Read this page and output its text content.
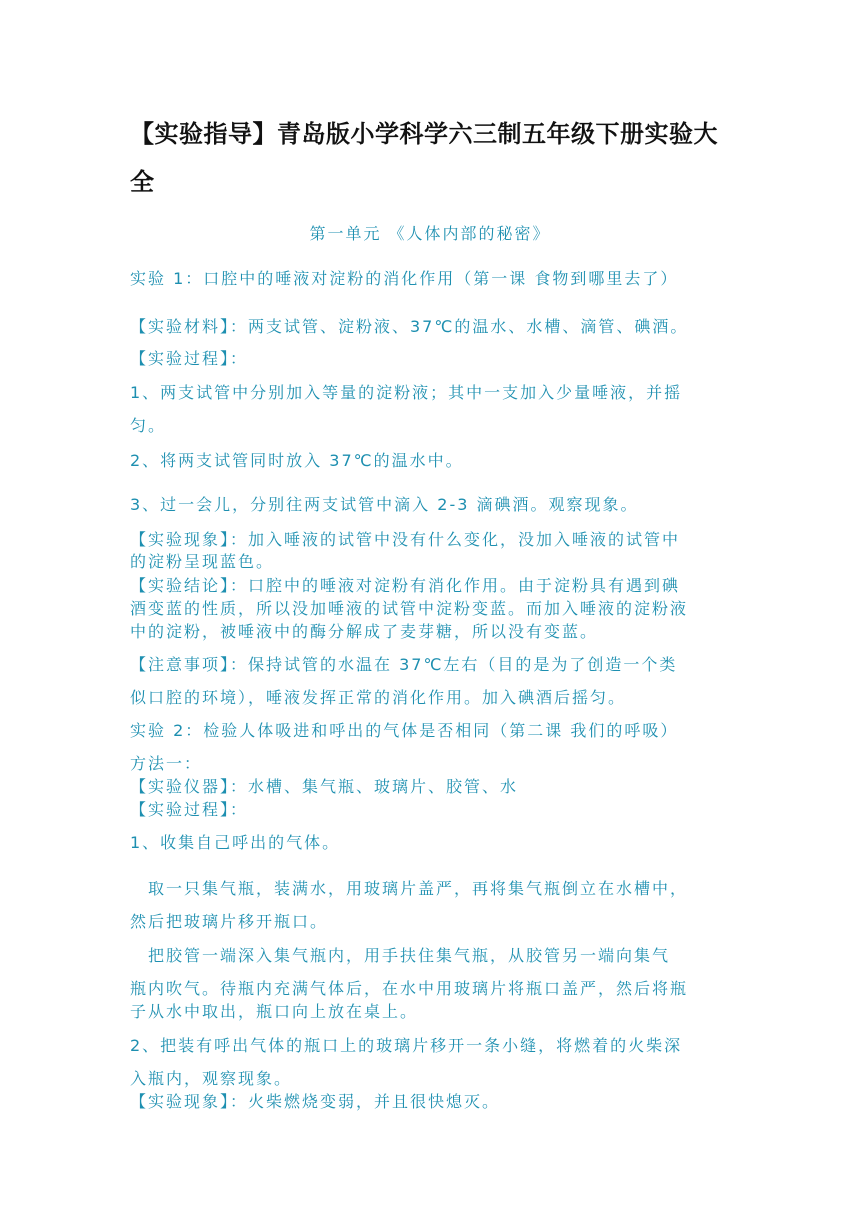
【实验指导】青岛版小学科学六三制五年级下册实验大全
第一单元 《人体内部的秘密》
实验 1：口腔中的唾液对淀粉的消化作用（第一课 食物到哪里去了）
【实验材料】：两支试管、淀粉液、37℃的温水、水槽、滴管、碘酒。
【实验过程】：
1、两支试管中分别加入等量的淀粉液；其中一支加入少量唾液，并摇
匀。
2、将两支试管同时放入 37℃的温水中。
3、过一会儿，分别往两支试管中滴入 2-3 滴碘酒。观察现象。
【实验现象】：加入唾液的试管中没有什么变化，没加入唾液的试管中
的淀粉呈现蓝色。
【实验结论】：口腔中的唾液对淀粉有消化作用。由于淀粉具有遇到碘
酒变蓝的性质，所以没加唾液的试管中淀粉变蓝。而加入唾液的淀粉液
中的淀粉，被唾液中的酶分解成了麦芽糖，所以没有变蓝。
【注意事项】：保持试管的水温在 37℃左右（目的是为了创造一个类
似口腔的环境），唾液发挥正常的消化作用。加入碘酒后摇匀。
实验 2：检验人体吸进和呼出的气体是否相同（第二课 我们的呼吸）
方法一：
【实验仪器】：水槽、集气瓶、玻璃片、胶管、水
【实验过程】：
1、收集自己呼出的气体。
　取一只集气瓶，装满水，用玻璃片盖严，再将集气瓶倒立在水槽中，
然后把玻璃片移开瓶口。
　把胶管一端深入集气瓶内，用手扶住集气瓶，从胶管另一端向集气
瓶内吹气。待瓶内充满气体后，在水中用玻璃片将瓶口盖严，然后将瓶
子从水中取出，瓶口向上放在桌上。
2、把装有呼出气体的瓶口上的玻璃片移开一条小缝，将燃着的火柴深
入瓶内，观察现象。
【实验现象】：火柴燃烧变弱，并且很快熄灭。
